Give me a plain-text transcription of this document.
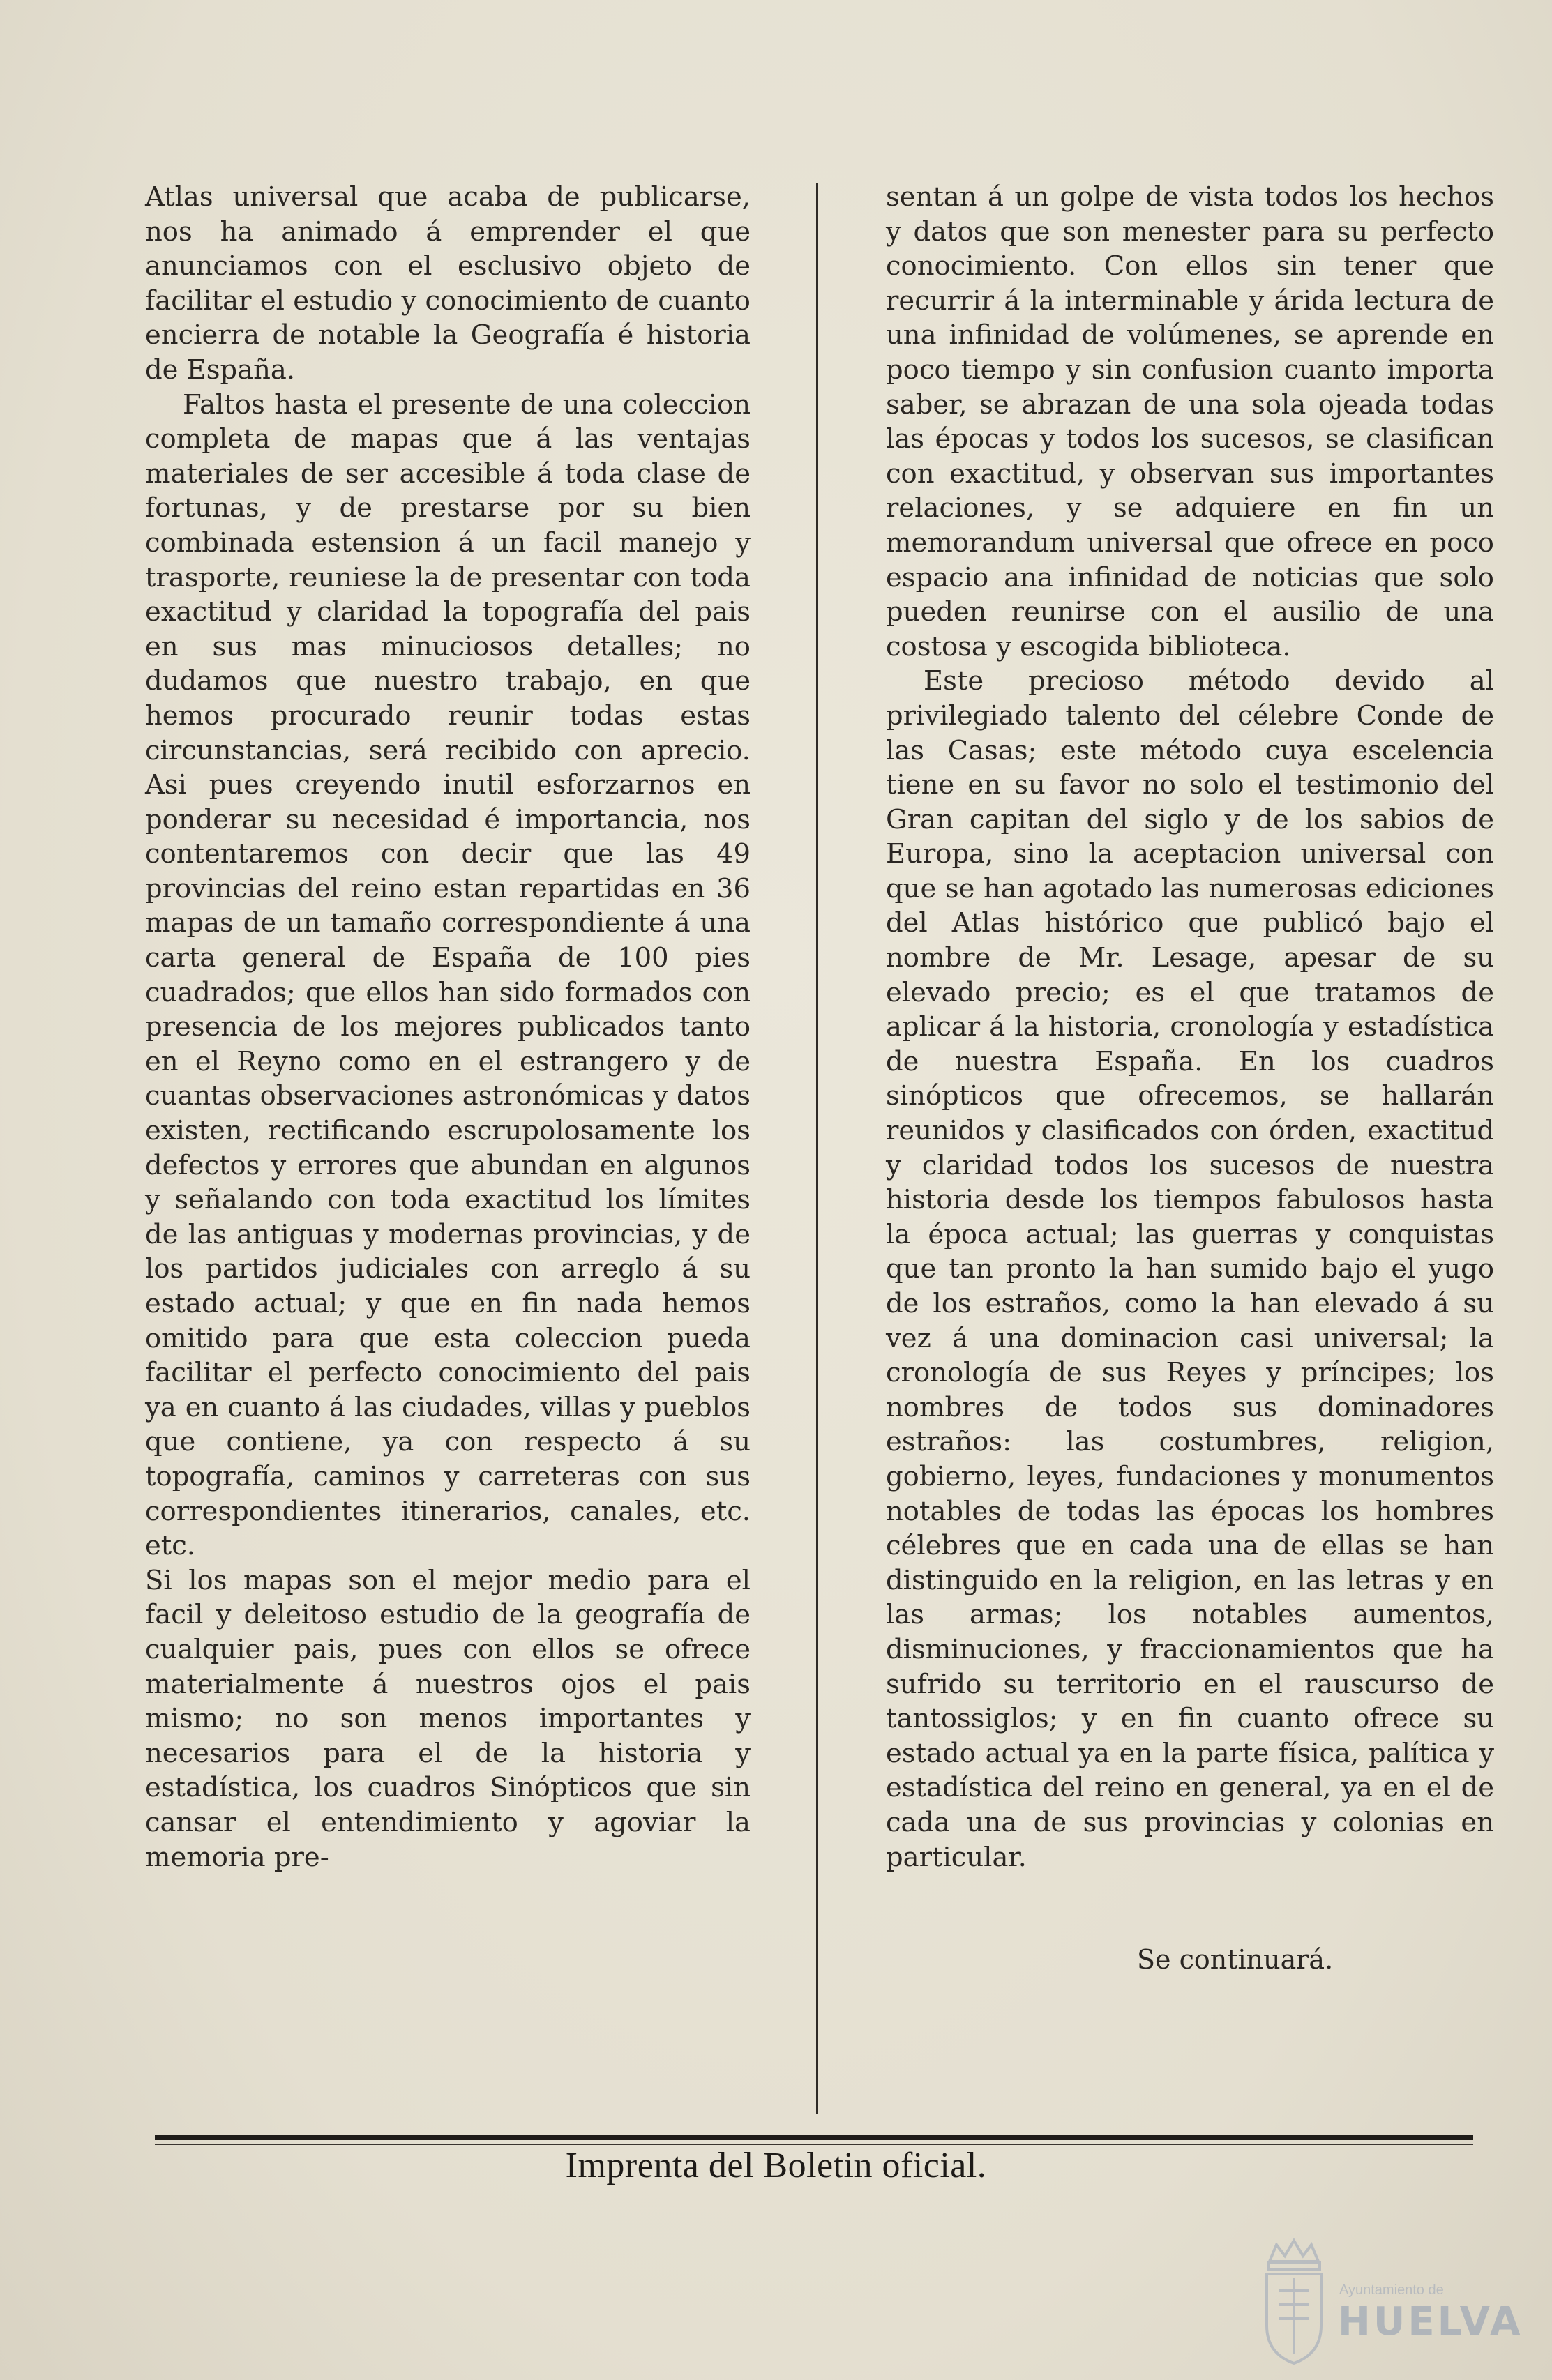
Atlas universal que acaba de publicarse, nos ha animado á emprender el que anunciamos con el esclusivo objeto de facilitar el estudio y conocimiento de cuanto encierra de notable la Geografía é historia de España.

Faltos hasta el presente de una coleccion completa de mapas que á las ventajas materiales de ser accesible á toda clase de fortunas, y de prestarse por su bien combinada estension á un facil manejo y trasporte, reuniese la de presentar con toda exactitud y claridad la topografía del pais en sus mas minuciosos detalles; no dudamos que nuestro trabajo, en que hemos procurado reunir todas estas circunstancias, será recibido con aprecio. Asi pues creyendo inutil esforzarnos en ponderar su necesidad é importancia, nos contentaremos con decir que las 49 provincias del reino estan repartidas en 36 mapas de un tamaño correspondiente á una carta general de España de 100 pies cuadrados; que ellos han sido formados con presencia de los mejores publicados tanto en el Reyno como en el estrangero y de cuantas observaciones astronómicas y datos existen, rectificando escrupolosamente los defectos y errores que abundan en algunos y señalando con toda exactitud los límites de las antiguas y modernas provincias, y de los partidos judiciales con arreglo á su estado actual; y que en fin nada hemos omitido para que esta coleccion pueda facilitar el perfecto conocimiento del pais ya en cuanto á las ciudades, villas y pueblos que contiene, ya con respecto á su topografía, caminos y carreteras con sus correspondientes itinerarios, canales, etc. etc.

Si los mapas son el mejor medio para el facil y deleitoso estudio de la geografía de cualquier pais, pues con ellos se ofrece materialmente á nuestros ojos el pais mismo; no son menos importantes y necesarios para el de la historia y estadística, los cuadros Sinópticos que sin cansar el entendimiento y agoviar la memoria pre-

sentan á un golpe de vista todos los hechos y datos que son menester para su perfecto conocimiento. Con ellos sin tener que recurrir á la interminable y árida lectura de una infinidad de volúmenes, se aprende en poco tiempo y sin confusion cuanto importa saber, se abrazan de una sola ojeada todas las épocas y todos los sucesos, se clasifican con exactitud, y observan sus importantes relaciones, y se adquiere en fin un memorandum universal que ofrece en poco espacio ana infinidad de noticias que solo pueden reunirse con el ausilio de una costosa y escogida biblioteca.

Este precioso método devido al privilegiado talento del célebre Conde de las Casas; este método cuya escelencia tiene en su favor no solo el testimonio del Gran capitan del siglo y de los sabios de Europa, sino la aceptacion universal con que se han agotado las numerosas ediciones del Atlas histórico que publicó bajo el nombre de Mr. Lesage, apesar de su elevado precio; es el que tratamos de aplicar á la historia, cronología y estadística de nuestra España. En los cuadros sinópticos que ofrecemos, se hallarán reunidos y clasificados con órden, exactitud y claridad todos los sucesos de nuestra historia desde los tiempos fabulosos hasta la época actual; las guerras y conquistas que tan pronto la han sumido bajo el yugo de los estraños, como la han elevado á su vez á una dominacion casi universal; la cronología de sus Reyes y príncipes; los nombres de todos sus dominadores estraños: las costumbres, religion, gobierno, leyes, fundaciones y monumentos notables de todas las épocas los hombres célebres que en cada una de ellas se han distinguido en la religion, en las letras y en las armas; los notables aumentos, disminuciones, y fraccionamientos que ha sufrido su territorio en el rauscurso de tantossiglos; y en fin cuanto ofrece su estado actual ya en la parte física, palítica y estadística del reino en general, ya en el de cada una de sus provincias y colonias en particular.

Se continuará.
Imprenta del Boletin oficial.
Ayuntamiento de
HUELVA
